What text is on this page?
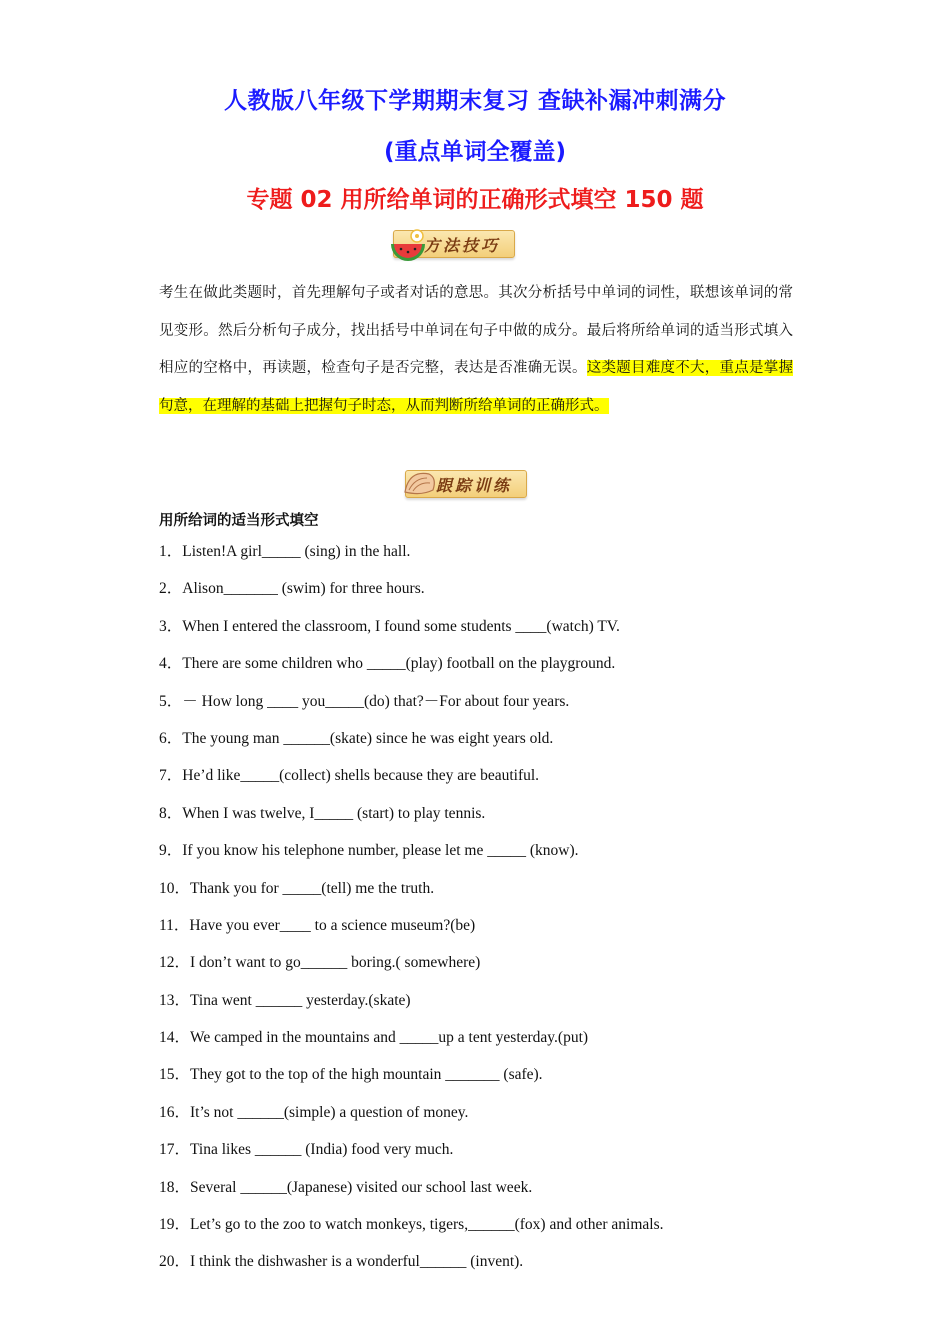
人教版八年级下学期期末复习 查缺补漏冲刺满分
(重点单词全覆盖)
专题 02 用所给单词的正确形式填空 150 题
方法技巧
考生在做此类题时，首先理解句子或者对话的意思。其次分析括号中单词的词性，联想该单词的常见变形。然后分析句子成分，找出括号中单词在句子中做的成分。最后将所给单词的适当形式填入相应的空格中，再读题，检查句子是否完整，表达是否准确无误。这类题目难度不大，重点是掌握句意，在理解的基础上把握句子时态，从而判断所给单词的正确形式。
跟踪训练
用所给词的适当形式填空
1．Listen!A girl_____ (sing) in the hall.
2．Alison_______ (swim) for three hours.
3．When I entered the classroom, I found some students ____(watch) TV.
4．There are some children who _____(play) football on the playground.
5．－ How long ____ you_____(do) that?－For about four years.
6．The young man ______(skate) since he was eight years old.
7．He’d like_____(collect) shells because they are beautiful.
8．When I was twelve, I_____ (start) to play tennis.
9．If you know his telephone number, please let me _____ (know).
10．Thank you for _____(tell) me the truth.
11．Have you ever____ to a science museum?(be)
12．I don’t want to go______ boring.( somewhere)
13．Tina went ______ yesterday.(skate)
14．We camped in the mountains and _____up a tent yesterday.(put)
15．They got to the top of the high mountain _______ (safe).
16．It’s not ______(simple) a question of money.
17．Tina likes ______ (India) food very much.
18．Several ______(Japanese) visited our school last week.
19．Let’s go to the zoo to watch monkeys, tigers,______(fox) and other animals.
20．I think the dishwasher is a wonderful______ (invent).
